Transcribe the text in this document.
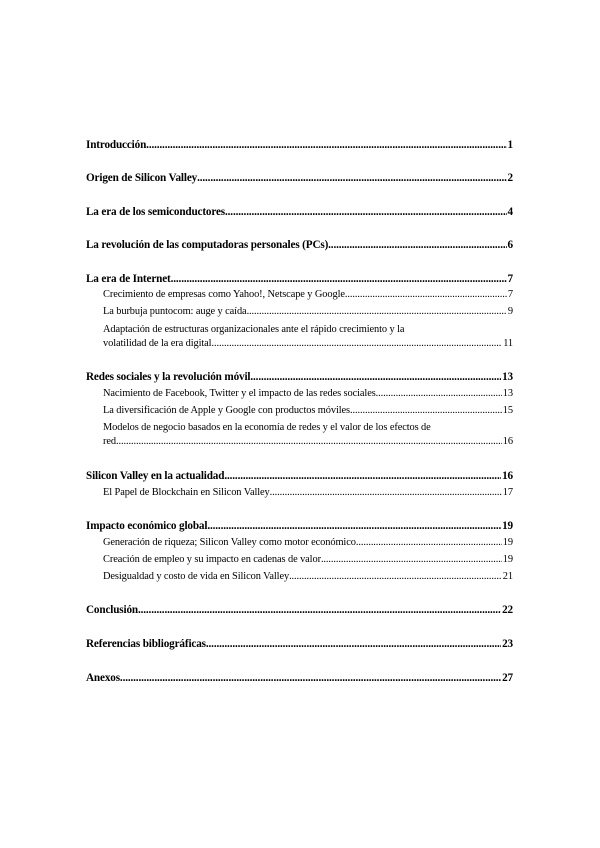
Introducción .....	1
Origen de Silicon Valley .....	2
La era de los semiconductores .....	4
La revolución de las computadoras personales (PCs) .....	6
La era de Internet .....	7
Crecimiento de empresas como Yahoo!, Netscape y Google .....	7
La burbuja puntocom: auge y caída .....	9
Adaptación de estructuras organizacionales ante el rápido crecimiento y la
volatilidad de la era digital .....	11
Redes sociales y la revolución móvil .....	13
Nacimiento de Facebook, Twitter y el impacto de las redes sociales .....	13
La diversificación de Apple y Google con productos móviles .....	15
Modelos de negocio basados en la economía de redes y el valor de los efectos de
red .....	16
Silicon Valley en la actualidad .....	16
El Papel de Blockchain en Silicon Valley .....	17
Impacto económico global .....	19
Generación de riqueza; Silicon Valley como motor económico .....	19
Creación de empleo y su impacto en cadenas de valor .....	19
Desigualdad y costo de vida en Silicon Valley .....	21
Conclusión .....	22
Referencias bibliográficas .....	23
Anexos .....	27
